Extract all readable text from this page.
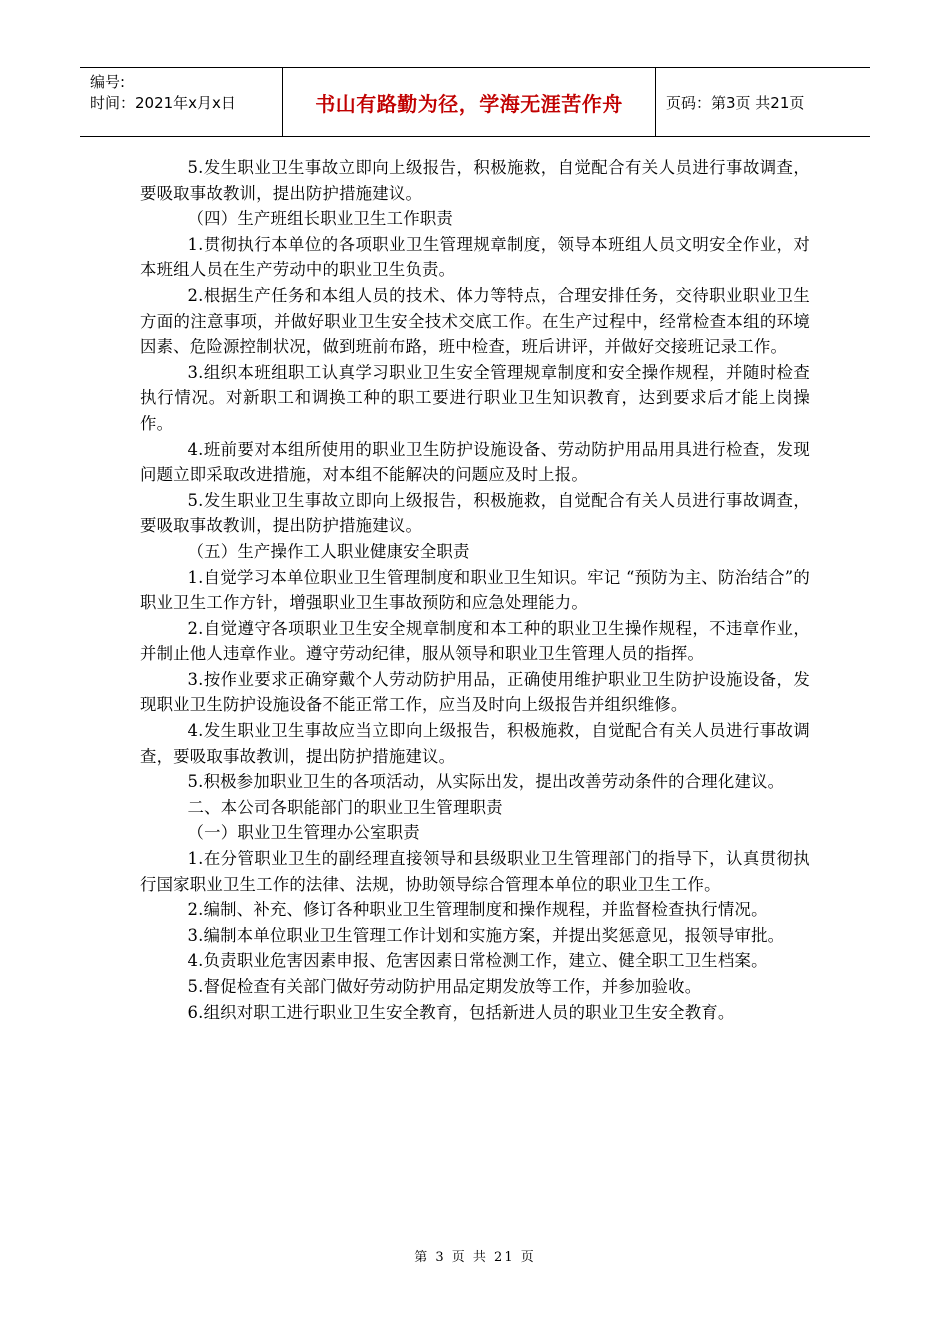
编号:
时间：2021年x月x日	书山有路勤为径，学海无涯苦作舟	页码：第3页 共21页

5.发生职业卫生事故立即向上级报告，积极施救，自觉配合有关人员进行事故调查，要吸取事故教训，提出防护措施建议。

（四）生产班组长职业卫生工作职责

1.贯彻执行本单位的各项职业卫生管理规章制度，领导本班组人员文明安全作业，对本班组人员在生产劳动中的职业卫生负责。

2.根据生产任务和本组人员的技术、体力等特点，合理安排任务，交待职业职业卫生方面的注意事项，并做好职业卫生安全技术交底工作。在生产过程中，经常检查本组的环境因素、危险源控制状况，做到班前布路，班中检查，班后讲评，并做好交接班记录工作。

3.组织本班组职工认真学习职业卫生安全管理规章制度和安全操作规程，并随时检查执行情况。对新职工和调换工种的职工要进行职业卫生知识教育，达到要求后才能上岗操作。

4.班前要对本组所使用的职业卫生防护设施设备、劳动防护用品用具进行检查，发现问题立即采取改进措施，对本组不能解决的问题应及时上报。

5.发生职业卫生事故立即向上级报告，积极施救，自觉配合有关人员进行事故调查，要吸取事故教训，提出防护措施建议。

（五）生产操作工人职业健康安全职责

1.自觉学习本单位职业卫生管理制度和职业卫生知识。牢记 “预防为主、防治结合”的职业卫生工作方针，增强职业卫生事故预防和应急处理能力。

2.自觉遵守各项职业卫生安全规章制度和本工种的职业卫生操作规程，不违章作业，并制止他人违章作业。遵守劳动纪律，服从领导和职业卫生管理人员的指挥。

3.按作业要求正确穿戴个人劳动防护用品，正确使用维护职业卫生防护设施设备，发现职业卫生防护设施设备不能正常工作，应当及时向上级报告并组织维修。

4.发生职业卫生事故应当立即向上级报告，积极施救，自觉配合有关人员进行事故调查，要吸取事故教训，提出防护措施建议。

5.积极参加职业卫生的各项活动，从实际出发，提出改善劳动条件的合理化建议。

二、本公司各职能部门的职业卫生管理职责

（一）职业卫生管理办公室职责

1.在分管职业卫生的副经理直接领导和县级职业卫生管理部门的指导下，认真贯彻执行国家职业卫生工作的法律、法规，协助领导综合管理本单位的职业卫生工作。

2.编制、补充、修订各种职业卫生管理制度和操作规程，并监督检查执行情况。

3.编制本单位职业卫生管理工作计划和实施方案，并提出奖惩意见，报领导审批。

4.负责职业危害因素申报、危害因素日常检测工作，建立、健全职工卫生档案。

5.督促检查有关部门做好劳动防护用品定期发放等工作，并参加验收。

6.组织对职工进行职业卫生安全教育，包括新进人员的职业卫生安全教育。

第 3 页 共 21 页
